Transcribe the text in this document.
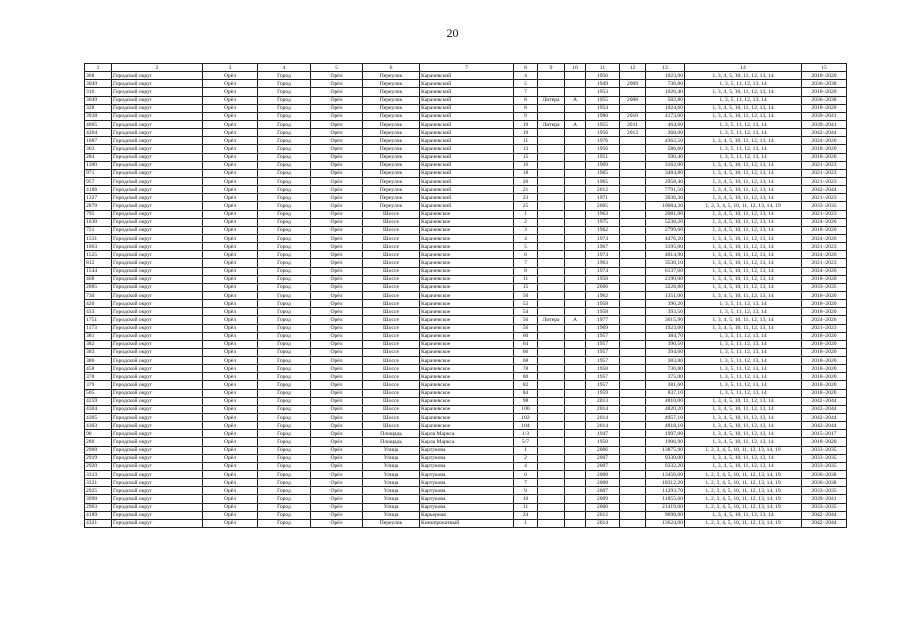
20
1	2	3	4	5	6	7	8	9	10	11	12	13	14	15
368	Городской округ	Орёл	Город	Орёл	Переулок	Карачевский	4			1956		1023,00	1, 3, 4, 5, 10, 11, 12, 13, 14	2018–2020
3049	Городской округ	Орёл	Город	Орёл	Переулок	Карачевский	5			1949	2009	736,80	1, 3, 5, 11, 12, 13, 14	2036–2038
316	Городской округ	Орёл	Город	Орёл	Переулок	Карачевский	7			1953		1026,40	1, 3, 4, 5, 10, 11, 12, 13, 14	2018–2020
3049	Городской округ	Орёл	Город	Орёл	Переулок	Карачевский	8	Литера	А	1955	2008	582,80	1, 3, 5, 11, 12, 13, 14	2036–2038
328	Городской округ	Орёл	Город	Орёл	Переулок	Карачевский	8			1954		1024,60	1, 3, 4, 5, 10, 11, 12, 13, 14	2018–2020
3938	Городской округ	Орёл	Город	Орёл	Переулок	Карачевский	9			1980	2010	4173,00	1, 3, 4, 5, 10, 11, 12, 13, 14	2039–2041
4005	Городской округ	Орёл	Город	Орёл	Переулок	Карачевский	10	Литера	А	1955	2011	464,60	1, 3, 5, 11, 12, 13, 14	2039–2041
4204	Городской округ	Орёл	Город	Орёл	Переулок	Карачевский	10			1956	2013	368,00	1, 3, 5, 11, 12, 13, 14	2042–2044
1687	Городской округ	Орёл	Город	Орёл	Переулок	Карачевский	11			1976		4362,50	1, 3, 4, 5, 10, 11, 12, 13, 14	2024–2026
363	Городской округ	Орёл	Город	Орёл	Переулок	Карачевский	13			1956		586,60	1, 3, 5, 11, 12, 13, 14	2018–2020
284	Городской округ	Орёл	Город	Орёл	Переулок	Карачевский	15			1951		590,40	1, 3, 5, 11, 12, 13, 14	2018–2020
1180	Городской округ	Орёл	Город	Орёл	Переулок	Карачевский	16			1969		3162,00	1, 3, 4, 5, 10, 11, 12, 13, 14	2021–2023
971	Городской округ	Орёл	Город	Орёл	Переулок	Карачевский	18			1965		3484,80	1, 3, 4, 5, 10, 11, 12, 13, 14	2021–2023
957	Городской округ	Орёл	Город	Орёл	Переулок	Карачевский	20			1965		2958,40	1, 3, 4, 5, 10, 11, 12, 13, 14	2021–2023
4186	Городской округ	Орёл	Город	Орёл	Переулок	Карачевский	21			2012		7791,50	1, 3, 4, 5, 10, 11, 12, 13, 14	2042–2044
1327	Городской округ	Орёл	Город	Орёл	Переулок	Карачевский	23			1971		3936,30	1, 3, 4, 5, 10, 11, 12, 13, 14	2021–2023
2870	Городской округ	Орёл	Город	Орёл	Переулок	Карачевский	25			2005		10084,30	1, 2, 3, 4, 5, 10, 11, 12, 13, 14, 19	2033–2035
795	Городской округ	Орёл	Город	Орёл	Шоссе	Карачевское	1			1963		2081,00	1, 3, 4, 5, 10, 11, 12, 13, 14	2021–2023
1630	Городской округ	Орёл	Город	Орёл	Шоссе	Карачевское	2			1975		5238,20	1, 3, 4, 5, 10, 11, 12, 13, 14	2024–2026
751	Городской округ	Орёл	Город	Орёл	Шоссе	Карачевское	3			1962		2799,60	1, 3, 4, 5, 10, 11, 12, 13, 14	2018–2020
1531	Городской округ	Орёл	Город	Орёл	Шоссе	Карачевское	4			1974		4476,20	1, 3, 4, 5, 10, 11, 12, 13, 14	2024–2026
1063	Городской округ	Орёл	Город	Орёл	Шоссе	Карачевское	5			1967		3195,00	1, 3, 4, 5, 10, 11, 12, 13, 14	2021–2023
1525	Городской округ	Орёл	Город	Орёл	Шоссе	Карачевское	6			1974		4014,90	1, 3, 4, 5, 10, 11, 12, 13, 14	2024–2026
812	Городской округ	Орёл	Город	Орёл	Шоссе	Карачевское	7			1963		3530,10	1, 3, 4, 5, 10, 11, 12, 13, 14	2021–2023
1544	Городской округ	Орёл	Город	Орёл	Шоссе	Карачевское	8			1974		6137,60	1, 3, 4, 5, 10, 11, 12, 13, 14	2024–2026
468	Городской округ	Орёл	Город	Орёл	Шоссе	Карачевское	11			1958		2190,00	1, 3, 4, 5, 10, 11, 12, 13, 14	2018–2020
2885	Городской округ	Орёл	Город	Орёл	Шоссе	Карачевское	15			2006		3228,80	1, 3, 4, 5, 10, 11, 12, 13, 14	2033–2035
730	Городской округ	Орёл	Город	Орёл	Шоссе	Карачевское	50			1962		1351,00	1, 3, 4, 5, 10, 11, 12, 13, 14	2018–2020
420	Городской округ	Орёл	Город	Орёл	Шоссе	Карачевское	52			1958		396,20	1, 3, 5, 11, 12, 13, 14	2018–2020
433	Городской округ	Орёл	Город	Орёл	Шоссе	Карачевское	54			1958		393,50	1, 3, 5, 11, 12, 13, 14	2018–2020
1751	Городской округ	Орёл	Город	Орёл	Шоссе	Карачевское	56	Литера	А	1977		3615,90	1, 3, 4, 5, 10, 11, 12, 13, 14	2024–2026
1173	Городской округ	Орёл	Город	Орёл	Шоссе	Карачевское	56			1969		1923,00	1, 3, 4, 5, 10, 11, 12, 13, 14	2021–2023
381	Городской округ	Орёл	Город	Орёл	Шоссе	Карачевское	60			1957		384,70	1, 3, 5, 11, 12, 13, 14	2018–2020
382	Городской округ	Орёл	Город	Орёл	Шоссе	Карачевское	64			1957		390,50	1, 3, 5, 11, 12, 13, 14	2018–2020
383	Городской округ	Орёл	Город	Орёл	Шоссе	Карачевское	66			1957		394,60	1, 3, 5, 11, 12, 13, 14	2018–2020
386	Городской округ	Орёл	Город	Орёл	Шоссе	Карачевское	68			1957		383,80	1, 3, 5, 11, 12, 13, 14	2018–2020
458	Городской округ	Орёл	Город	Орёл	Шоссе	Карачевское	78			1958		736,80	1, 3, 5, 11, 12, 13, 14	2018–2020
378	Городской округ	Орёл	Город	Орёл	Шоссе	Карачевское	80			1957		375,00	1, 3, 5, 11, 12, 13, 14	2018–2020
379	Городской округ	Орёл	Город	Орёл	Шоссе	Карачевское	82			1957		381,60	1, 3, 5, 11, 12, 13, 14	2018–2020
505	Городской округ	Орёл	Город	Орёл	Шоссе	Карачевское	84			1959		837,10	1, 3, 5, 11, 12, 13, 14	2018–2020
4259	Городской округ	Орёл	Город	Орёл	Шоссе	Карачевское	98			2013		4810,00	1, 3, 4, 5, 10, 11, 12, 13, 14	2042–2044
4304	Городской округ	Орёл	Город	Орёл	Шоссе	Карачевское	100			2014		4820,20	1, 3, 4, 5, 10, 11, 12, 13, 14	2042–2044
4305	Городской округ	Орёл	Город	Орёл	Шоссе	Карачевское	102			2014		4957,10	1, 3, 4, 5, 10, 11, 12, 13, 14	2042–2044
4303	Городской округ	Орёл	Город	Орёл	Шоссе	Карачевское	104			2014		4818,10	1, 3, 4, 5, 10, 11, 12, 13, 14	2042–2044
90	Городской округ	Орёл	Город	Орёл	Площадь	Карла Маркса	1/3			1947		1997,00	1, 3, 4, 5, 10, 11, 12, 13, 14	2015–2017
280	Городской округ	Орёл	Город	Орёл	Площадь	Карла Маркса	5/7			1950		1906,90	1, 3, 4, 5, 10, 11, 12, 13, 14	2018–2020
2900	Городской округ	Орёл	Город	Орёл	Улица	Картукова	1			2006		13875,90	1, 2, 3, 4, 5, 10, 11, 12, 13, 14, 19	2033–2035
2919	Городской округ	Орёл	Город	Орёл	Улица	Картукова	2			2007		9330,00	1, 3, 4, 5, 10, 11, 12, 13, 14	2033–2035
2920	Городской округ	Орёл	Город	Орёл	Улица	Картукова	4			2007		9332,20	1, 3, 4, 5, 10, 11, 12, 13, 14	2033–2035
3313	Городской округ	Орёл	Город	Орёл	Улица	Картукова	6			2008		13456,60	1, 2, 3, 4, 5, 10, 11, 12, 13, 14, 19	2036–2038
3321	Городской округ	Орёл	Город	Орёл	Улица	Картукова	7			2008		18312,20	1, 2, 3, 4, 5, 10, 11, 12, 13, 14, 19	2036–2038
2925	Городской округ	Орёл	Город	Орёл	Улица	Картукова	9			2007		11293,70	1, 2, 3, 4, 5, 10, 11, 12, 13, 14, 19	2033–2035
3990	Городской округ	Орёл	Город	Орёл	Улица	Картукова	10			2009		11855,60	1, 2, 3, 4, 5, 10, 11, 12, 13, 14, 19	2039–2041
2903	Городской округ	Орёл	Город	Орёл	Улица	Картукова	11			2006		21419,60	1, 2, 3, 4, 5, 10, 11, 12, 13, 14, 19	2033–2035
4189	Городской округ	Орёл	Город	Орёл	Улица	Карьерная	24			2012		9698,00	1, 3, 4, 5, 10, 11, 12, 13, 14	2042–2044
4321	Городской округ	Орёл	Город	Орёл	Переулок	Кинопрокатный	1			2014		13624,00	1, 2, 3, 4, 5, 10, 11, 12, 13, 14, 19	2042–2044
